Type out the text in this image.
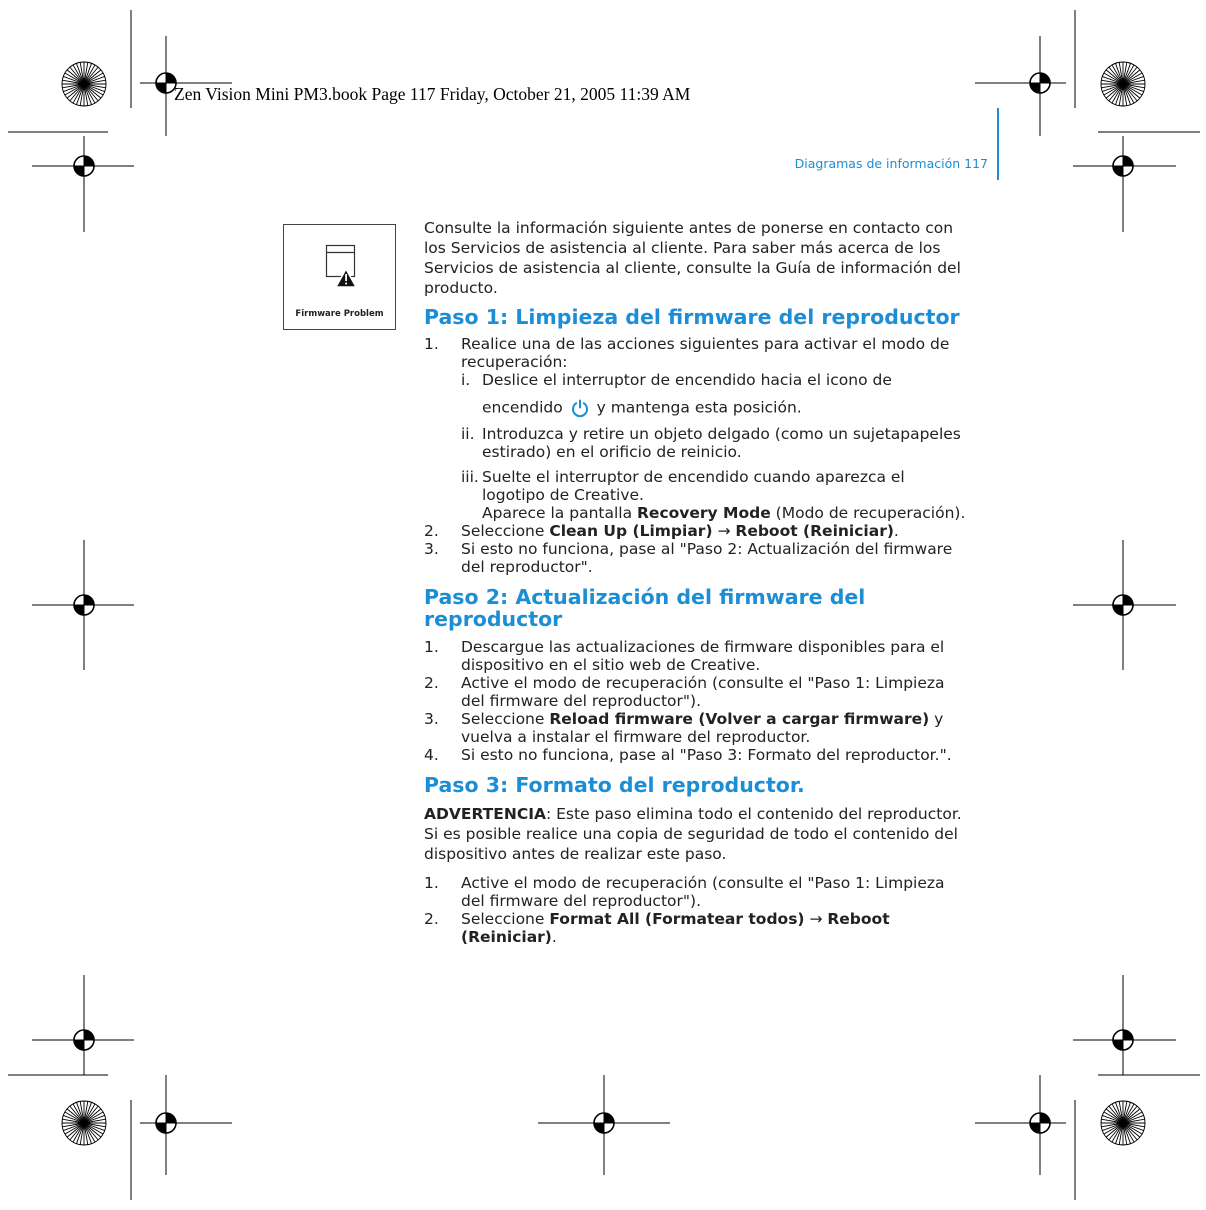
Zen Vision Mini PM3.book Page 117 Friday, October 21, 2005 11:39 AM
Diagramas de información 117
Firmware Problem

Consulte la información siguiente antes de ponerse en contacto con los Servicios de asistencia al cliente. Para saber más acerca de los Servicios de asistencia al cliente, consulte la Guía de información del producto.

Paso 1: Limpieza del firmware del reproductor
1. Realice una de las acciones siguientes para activar el modo de recuperación:
i. Deslice el interruptor de encendido hacia el icono de
encendido y mantenga esta posición.
ii. Introduzca y retire un objeto delgado (como un sujetapapeles estirado) en el orificio de reinicio.
iii. Suelte el interruptor de encendido cuando aparezca el logotipo de Creative.
Aparece la pantalla Recovery Mode (Modo de recuperación).
2. Seleccione Clean Up (Limpiar) → Reboot (Reiniciar).
3. Si esto no funciona, pase al "Paso 2: Actualización del firmware del reproductor".
Paso 2: Actualización del firmware del reproductor
1. Descargue las actualizaciones de firmware disponibles para el dispositivo en el sitio web de Creative.
2. Active el modo de recuperación (consulte el "Paso 1: Limpieza del firmware del reproductor").
3. Seleccione Reload firmware (Volver a cargar firmware) y vuelva a instalar el firmware del reproductor.
4. Si esto no funciona, pase al "Paso 3: Formato del reproductor.".
Paso 3: Formato del reproductor.

ADVERTENCIA: Este paso elimina todo el contenido del reproductor. Si es posible realice una copia de seguridad de todo el contenido del dispositivo antes de realizar este paso.

1. Active el modo de recuperación (consulte el "Paso 1: Limpieza del firmware del reproductor").
2. Seleccione Format All (Formatear todos) → Reboot (Reiniciar).
